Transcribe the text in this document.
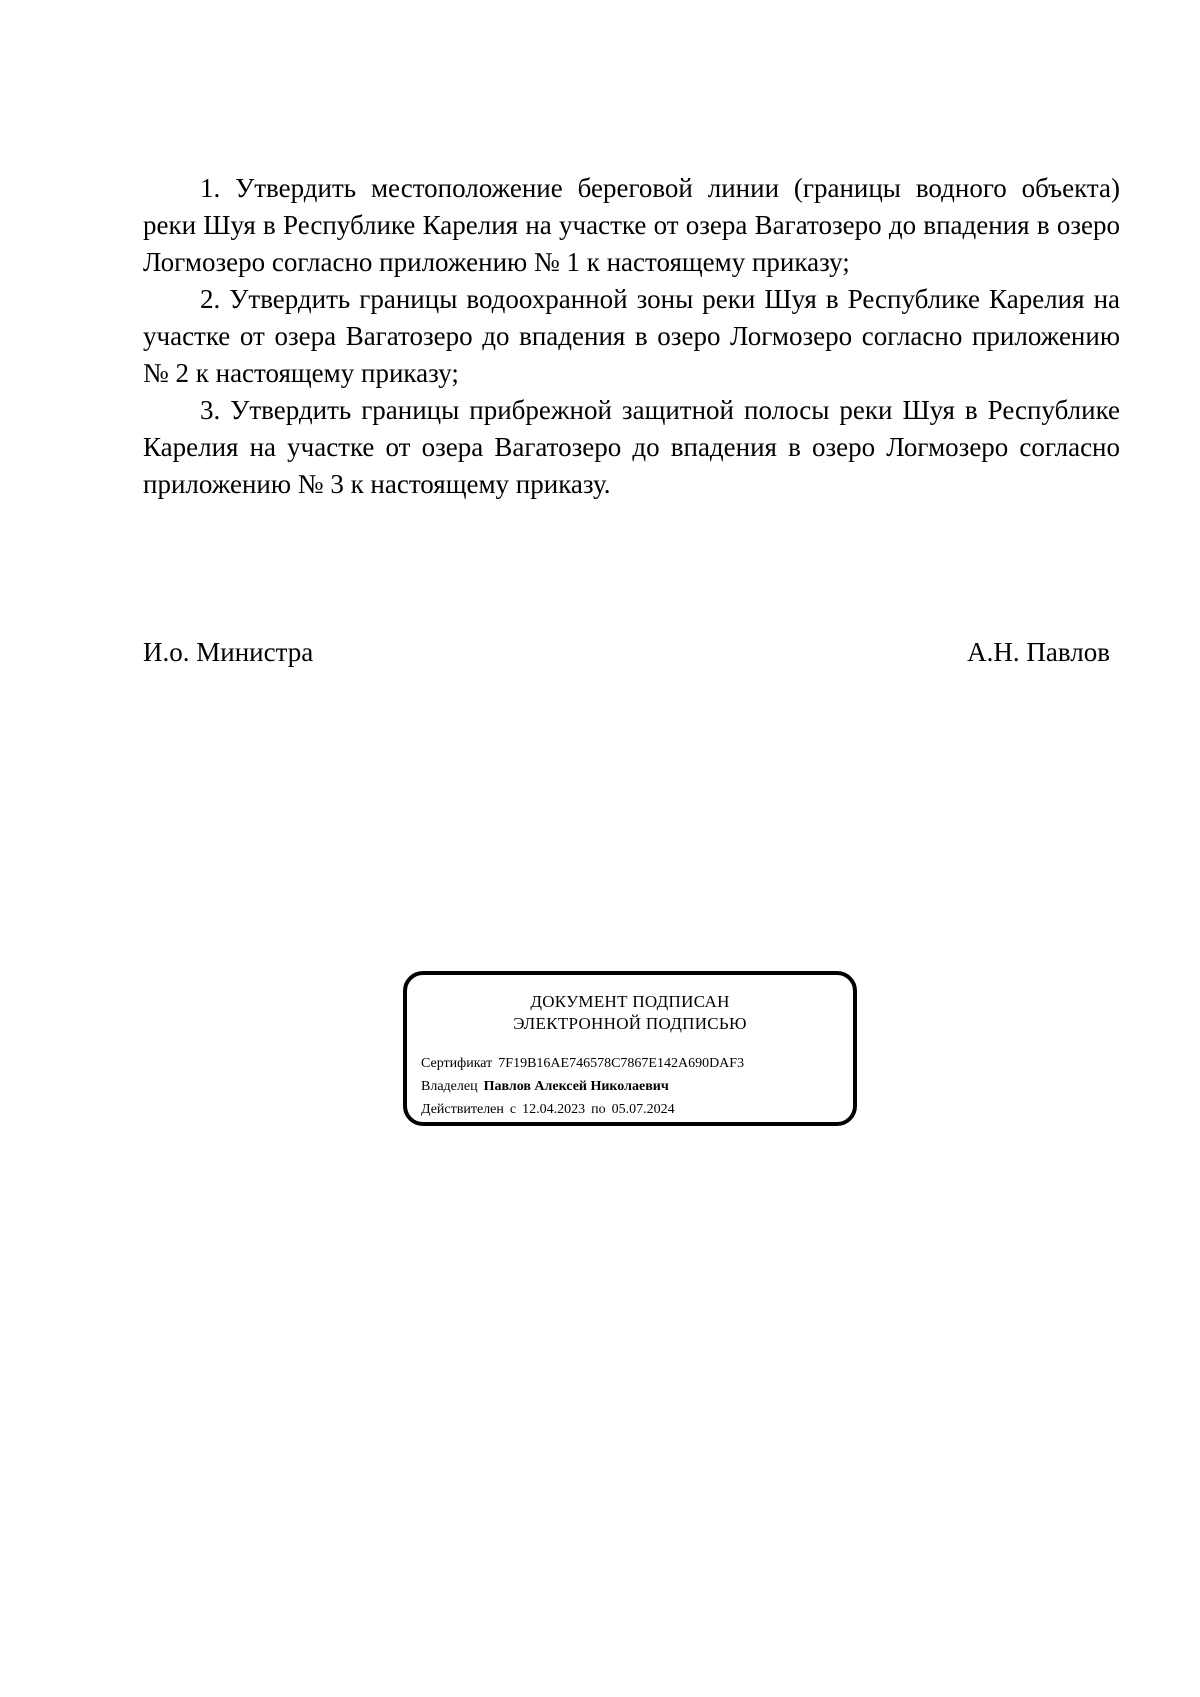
1. Утвердить местоположение береговой линии (границы водного объекта) реки Шуя в Республике Карелия на участке от озера Вагатозеро до впадения в озеро Логмозеро согласно приложению № 1 к настоящему приказу;

2. Утвердить границы водоохранной зоны реки Шуя в Республике Карелия на участке от озера Вагатозеро до впадения в озеро Логмозеро согласно приложению № 2 к настоящему приказу;

3. Утвердить границы прибрежной защитной полосы реки Шуя в Республике Карелия на участке от озера Вагатозеро до впадения в озеро Логмозеро согласно приложению № 3 к настоящему приказу.

И.о. Министра	А.Н. Павлов
ДОКУМЕНТ ПОДПИСАН
ЭЛЕКТРОННОЙ ПОДПИСЬЮ
Сертификат 7F19B16AE746578C7867E142A690DAF3
Владелец Павлов Алексей Николаевич
Действителен с 12.04.2023 по 05.07.2024
